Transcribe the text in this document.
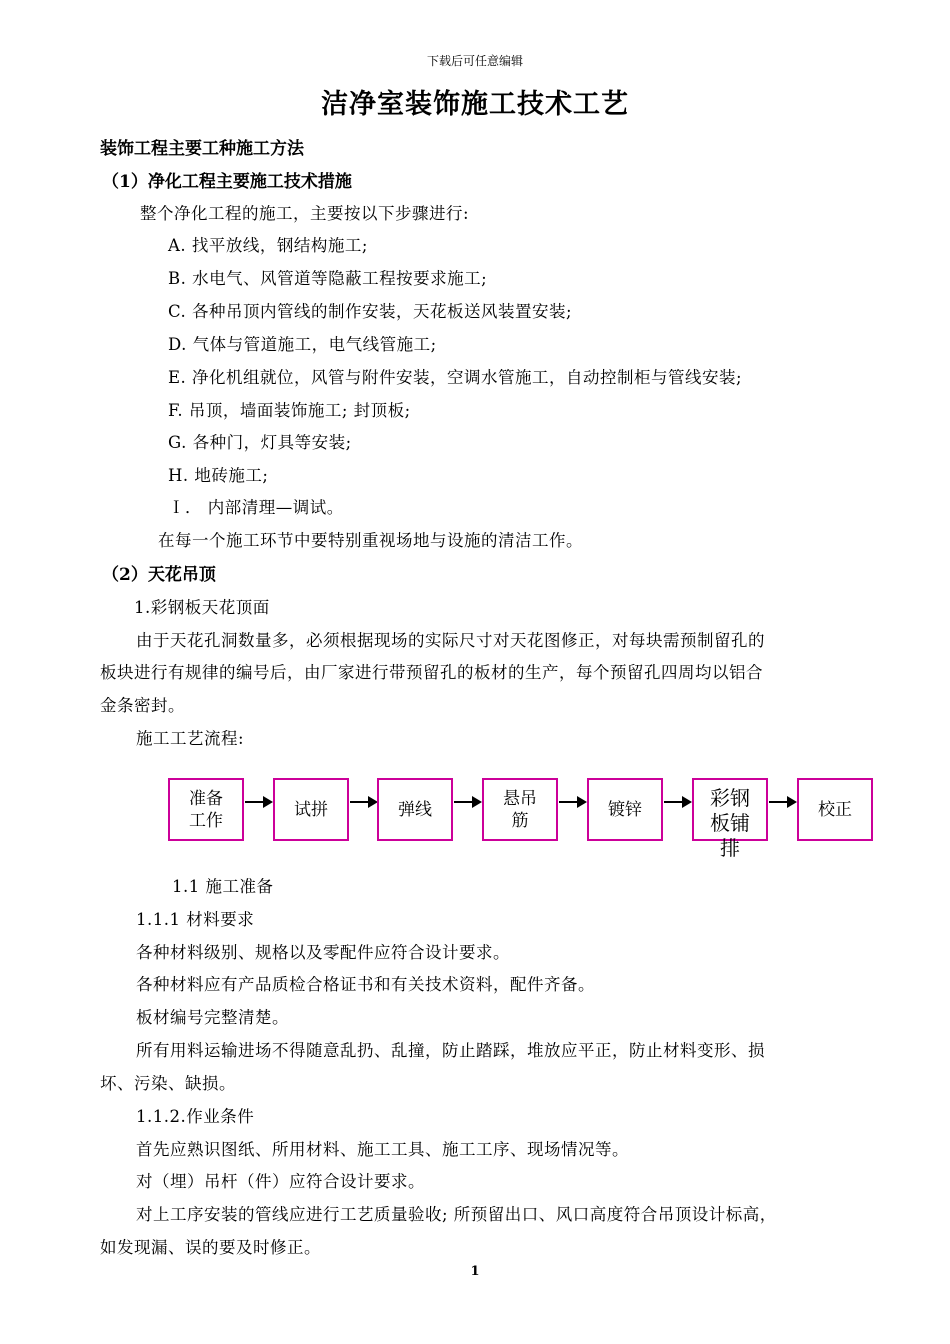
下载后可任意编辑
洁净室装饰施工技术工艺
装饰工程主要工种施工方法
（1）净化工程主要施工技术措施
整个净化工程的施工，主要按以下步骤进行:
A. 找平放线，钢结构施工;
B. 水电气、风管道等隐蔽工程按要求施工;
C. 各种吊顶内管线的制作安装，天花板送风装置安装;
D. 气体与管道施工，电气线管施工;
E. 净化机组就位，风管与附件安装，空调水管施工，自动控制柜与管线安装;
F. 吊顶，墙面装饰施工; 封顶板;
G. 各种门，灯具等安装;
H. 地砖施工;
Ｉ． 内部清理—调试。
在每一个施工环节中要特别重视场地与设施的清洁工作。
（2）天花吊顶
1.彩钢板天花顶面
由于天花孔洞数量多，必须根据现场的实际尺寸对天花图修正，对每块需预制留孔的
板块进行有规律的编号后，由厂家进行带预留孔的板材的生产，每个预留孔四周均以铝合
金条密封。
施工工艺流程:
准备
工作
试拼	弹线
悬吊
筋
镀锌	彩钢
板铺
排
校正
1.1 施工准备
1.1.1 材料要求
各种材料级别、规格以及零配件应符合设计要求。
各种材料应有产品质检合格证书和有关技术资料，配件齐备。
板材编号完整清楚。
所有用料运输进场不得随意乱扔、乱撞，防止踏踩，堆放应平正，防止材料变形、损
坏、污染、缺损。
1.1.2.作业条件
首先应熟识图纸、所用材料、施工工具、施工工序、现场情况等。
对（埋）吊杆（件）应符合设计要求。
对上工序安装的管线应进行工艺质量验收; 所预留出口、风口高度符合吊顶设计标高，
如发现漏、误的要及时修正。
1
